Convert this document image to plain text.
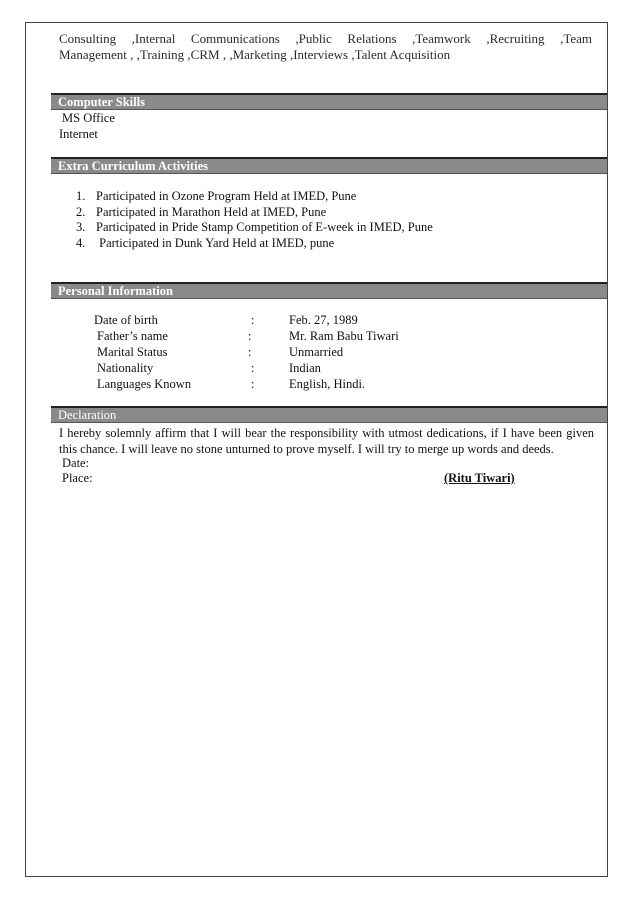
Consulting ,Internal Communications ,Public Relations ,Teamwork ,Recruiting ,Team
Management , ,Training ,CRM , ,Marketing ,Interviews ,Talent Acquisition
Computer Skills
MS Office
Internet
Extra Curriculum Activities
1. Participated in Ozone Program Held at IMED, Pune
2. Participated in Marathon Held at IMED, Pune
3. Participated in Pride Stamp Competition of E-week in IMED, Pune
4. Participated in Dunk Yard Held at IMED, pune
Personal Information
Date of birth	:	Feb. 27, 1989
Father’s name	:	Mr. Ram Babu Tiwari
Marital Status	:	Unmarried
Nationality	:	Indian
Languages Known	:	English, Hindi.
Declaration
I hereby solemnly affirm that I will bear the responsibility with utmost dedications, if I have been given this chance. I will leave no stone unturned to prove myself. I will try to merge up words and deeds.
Date:
Place:	(Ritu Tiwari)
